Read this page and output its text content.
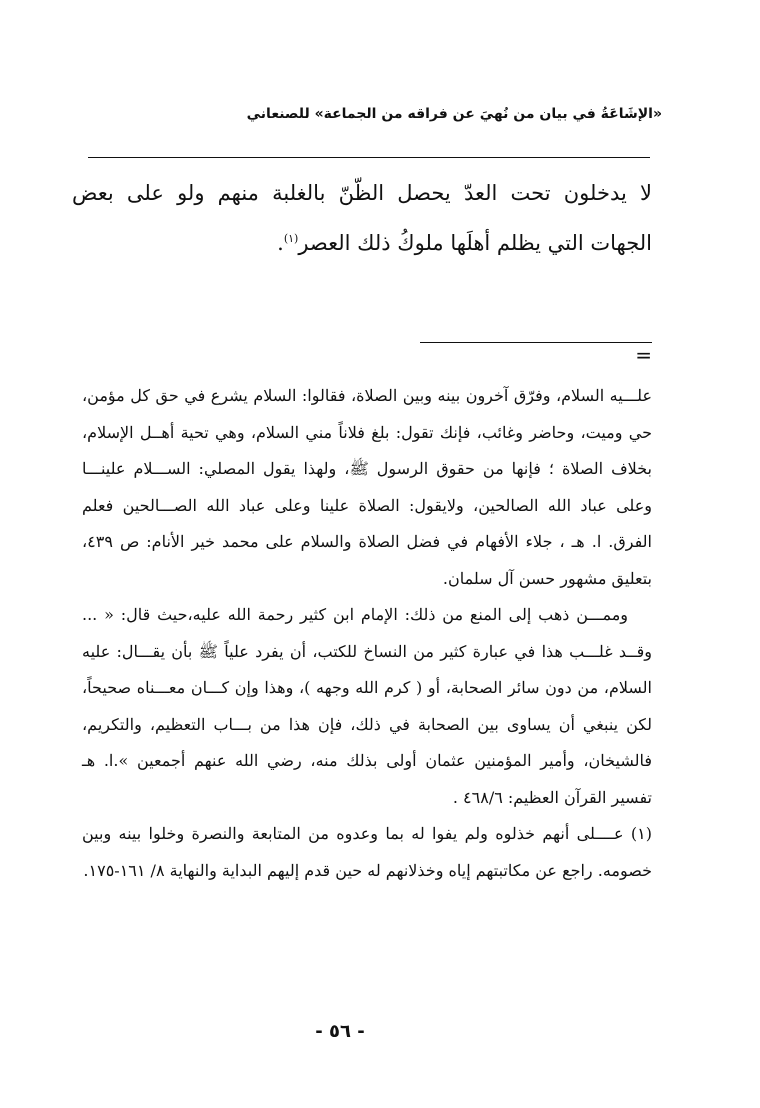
«الإشَاعَةُ في بيان من نُهيَ عن فراقه من الجماعة» للصنعاني

لا يدخلون تحت العدّ يحصل الظّنّ بالغلبة منهم ولو على بعض الجهات التي يظلم أهلَها ملوكُ ذلك العصر$^{(١)}$.

=

علـــيه السلام، وفرّق آخرون بينه وبين الصلاة، فقالوا: السلام يشرع في حق كل مؤمن، حي وميت، وحاضر وغائب، فإنك تقول: بلغ فلاناً مني السلام، وهي تحية أهــل الإسلام، بخلاف الصلاة ؛ فإنها من حقوق الرسول ﷺ، ولهذا يقول المصلي: الســـلام علينـــا وعلى عباد الله الصالحين، ولايقول: الصلاة علينا وعلى عباد الله الصـــالحين فعلم الفرق. ا. هـ ، جلاء الأفهام في فضل الصلاة والسلام على محمد خير الأنام: ص ٤٣٩، بتعليق مشهور حسن آل سلمان.

وممـــن ذهب إلى المنع من ذلك: الإمام ابن كثير رحمة الله عليه،حيث قال: « ... وقــد غلـــب هذا في عبارة كثير من النساخ للكتب، أن يفرد علياً ﷺ بأن يقـــال: عليه السلام، من دون سائر الصحابة، أو ( كرم الله وجهه )، وهذا وإن كـــان معـــناه صحيحاً، لكن ينبغي أن يساوى بين الصحابة في ذلك، فإن هذا من بـــاب التعظيم، والتكريم، فالشيخان، وأمير المؤمنين عثمان أولى بذلك منه، رضي الله عنهم أجمعين ».ا. هـ تفسير القرآن العظيم: ٤٦٨/٦ .

(١) عــــلى أنهم خذلوه ولم يفوا له بما وعدوه من المتابعة والنصرة وخلوا بينه وبين خصومه. راجع عن مكاتبتهم إياه وخذلانهم له حين قدم إليهم البداية والنهاية ٨/ ١٦١-١٧٥.

- ٥٦ -
